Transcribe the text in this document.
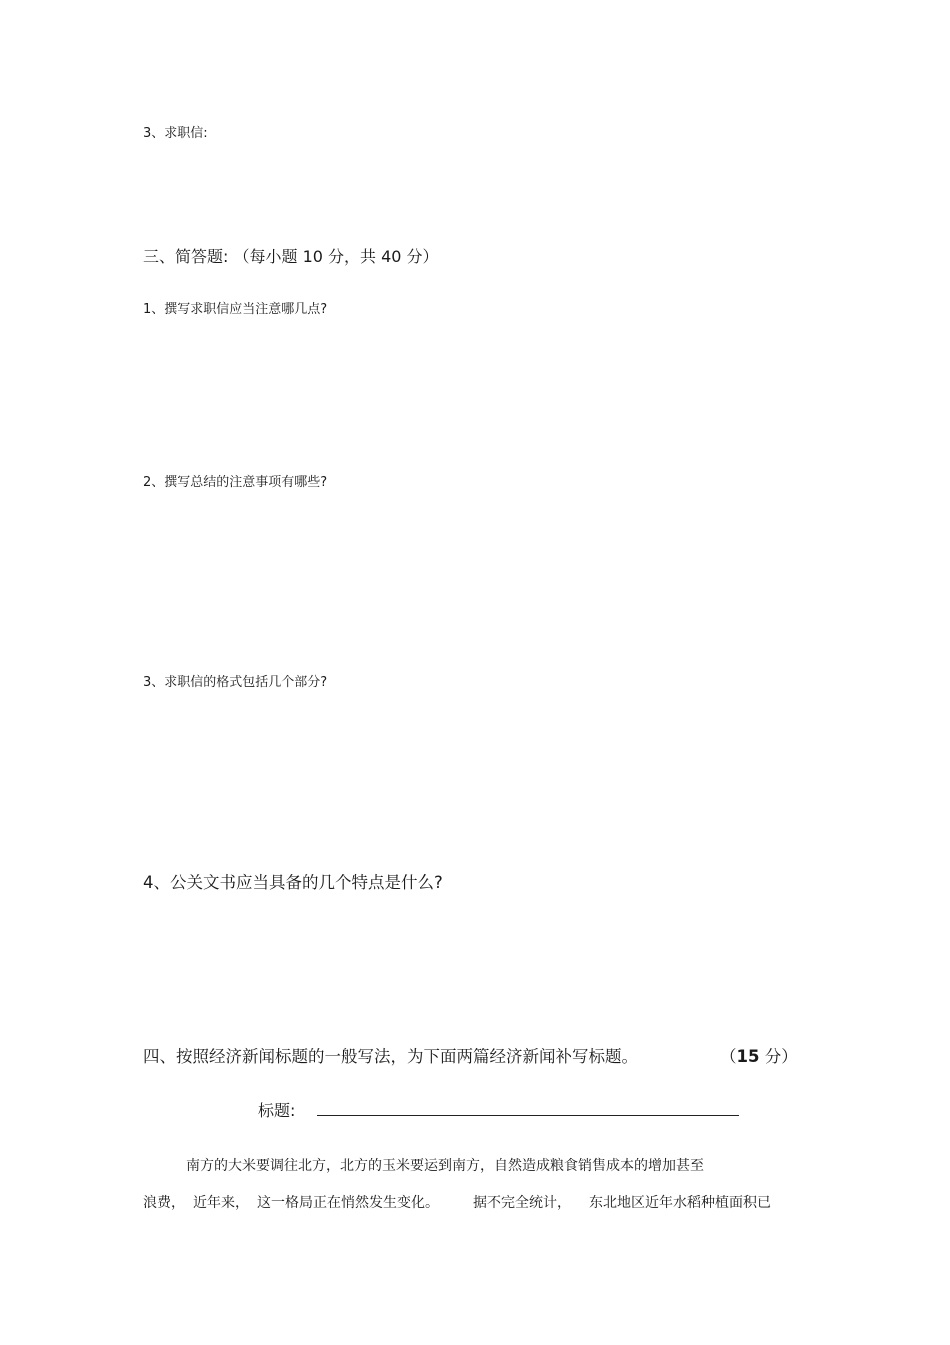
3、求职信:
三、简答题: （每小题 10 分，共 40 分）
1、撰写求职信应当注意哪几点?
2、撰写总结的注意事项有哪些?
3、求职信的格式包括几个部分?
4、公关文书应当具备的几个特点是什么?
四、按照经济新闻标题的一般写法，为下面两篇经济新闻补写标题。	（15 分）
标题:
南方的大米要调往北方，北方的玉米要运到南方，自然造成粮食销售成本的增加甚至
浪费， 近年来， 这一格局正在悄然发生变化。 据不完全统计， 东北地区近年水稻种植面积已
